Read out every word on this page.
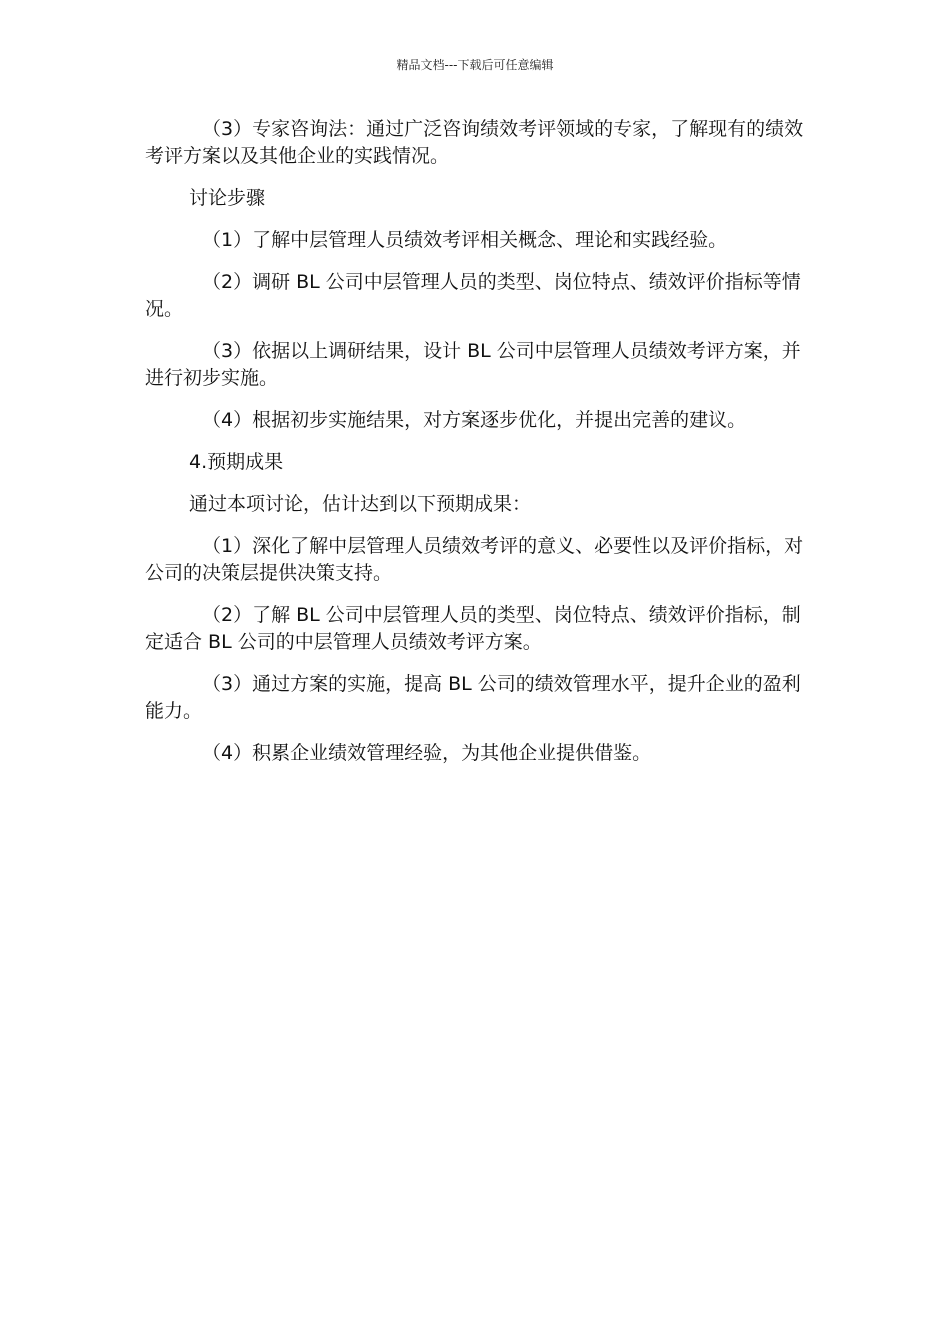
精品文档---下载后可任意编辑

（3）专家咨询法：通过广泛咨询绩效考评领域的专家，了解现有的绩效考评方案以及其他企业的实践情况。

讨论步骤

（1）了解中层管理人员绩效考评相关概念、理论和实践经验。

（2）调研 BL 公司中层管理人员的类型、岗位特点、绩效评价指标等情况。

（3）依据以上调研结果，设计 BL 公司中层管理人员绩效考评方案，并进行初步实施。

（4）根据初步实施结果，对方案逐步优化，并提出完善的建议。

4.预期成果

通过本项讨论，估计达到以下预期成果：

（1）深化了解中层管理人员绩效考评的意义、必要性以及评价指标，对公司的决策层提供决策支持。

（2）了解 BL 公司中层管理人员的类型、岗位特点、绩效评价指标，制定适合 BL 公司的中层管理人员绩效考评方案。

（3）通过方案的实施，提高 BL 公司的绩效管理水平，提升企业的盈利能力。

（4）积累企业绩效管理经验，为其他企业提供借鉴。
